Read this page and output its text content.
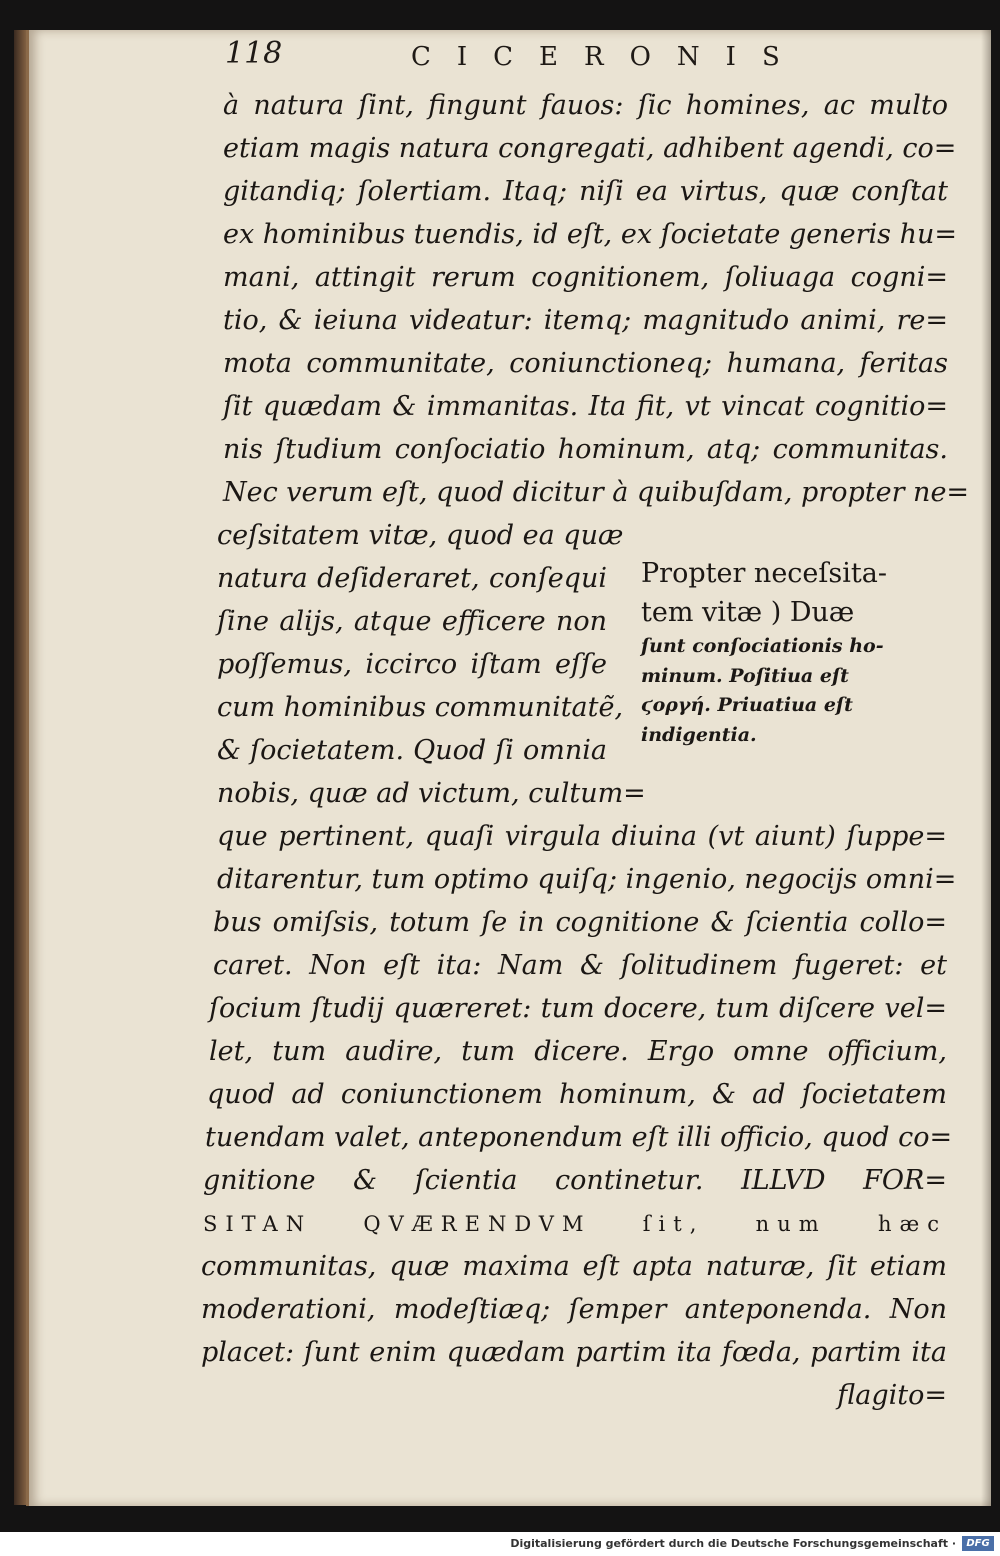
118	CICERONIS
à natura ſint, fingunt fauos: ſic homines, ac multo
etiam magis natura congregati, adhibent agendi, co=
gitandiq; ſolertiam. Itaq; niſi ea virtus, quæ conſtat
ex hominibus tuendis, id eſt, ex ſocietate generis hu=
mani, attingit rerum cognitionem, ſoliuaga cogni=
tio, & ieiuna videatur: itemq; magnitudo animi, re=
mota communitate, coniunctioneq; humana, feritas
ſit quædam & immanitas. Ita fit, vt vincat cognitio=
nis ſtudium conſociatio hominum, atq; communitas.
Nec verum eſt, quod dicitur à quibuſdam, propter ne=
ceſsitatem vitæ, quod ea quæ
natura deſideraret, conſequi
ſine alijs, atque efficere non
poſſemus, iccirco iſtam eſſe
cum hominibus communitatẽ,
& ſocietatem. Quod ſi omnia
nobis, quæ ad victum, cultum=
Propter neceſsita-
tem vitæ ) Duæ
ſunt conſociationis ho-
minum. Poſitiua eſt
ϛοργή. Priuatiua eſt
indigentia.
que pertinent, quaſi virgula diuina (vt aiunt) ſuppe=
ditarentur, tum optimo quiſq; ingenio, negocijs omni=
bus omiſsis, totum ſe in cognitione & ſcientia collo=
caret. Non eſt ita: Nam & ſolitudinem fugeret: et
ſocium ſtudij quæreret: tum docere, tum diſcere vel=
let, tum audire, tum dicere. Ergo omne officium,
quod ad coniunctionem hominum, & ad ſocietatem
tuendam valet, anteponendum eſt illi officio, quod co=
gnitione & ſcientia continetur. ILLVD FOR=
SITAN QVÆRENDVM ſit, num hæc
communitas, quæ maxima eſt apta naturæ, ſit etiam
moderationi, modeſtiæq; ſemper anteponenda. Non
placet: ſunt enim quædam partim ita fœda, partim ita
flagito=
Digitalisierung gefördert durch die Deutsche Forschungsgemeinschaft ·	DFG
